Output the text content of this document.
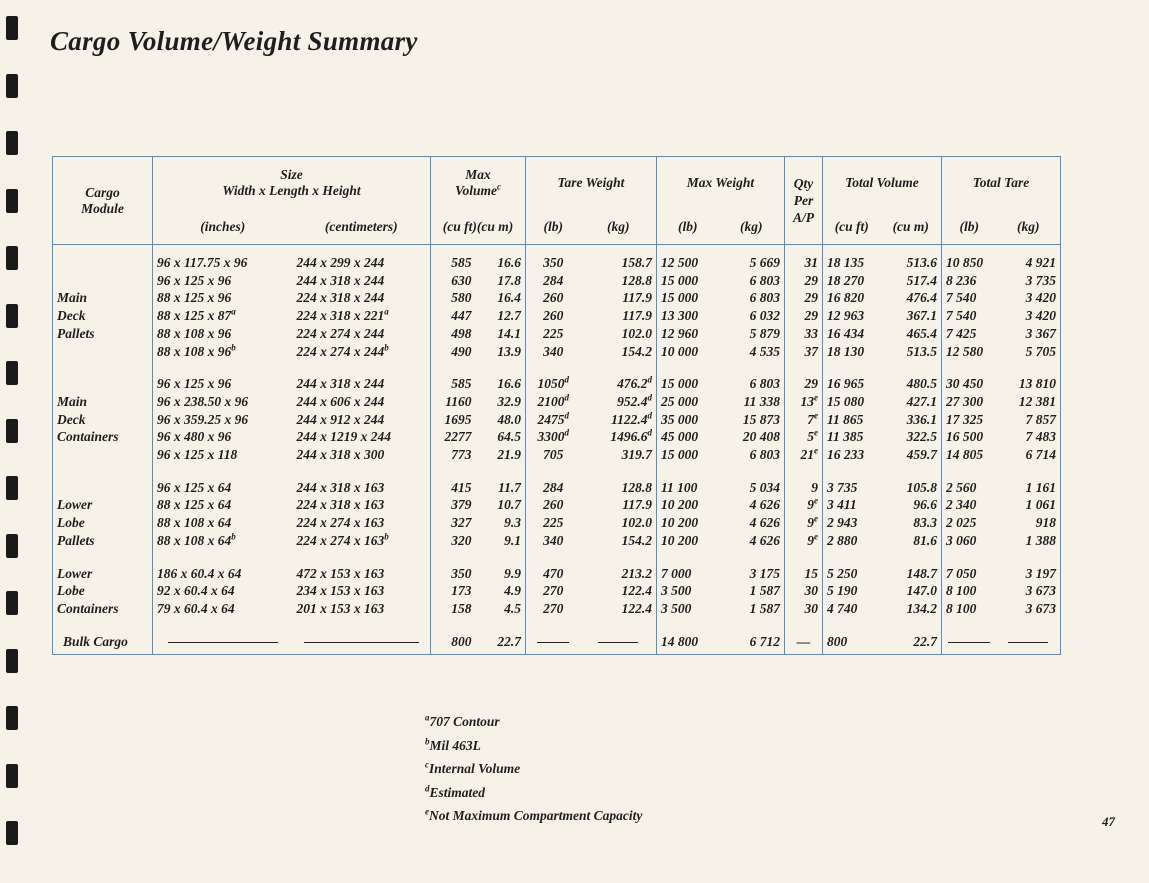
Cargo Volume/Weight Summary
Cargo
Module	Size
Width x Length x Height		Max
Volume$^c$		Tare Weight		Max Weight		Qty
Per
A/P	Total Volume		Total Tare	
	(inches)	(centimeters)	(cu ft)(cu m)		(lb)	(kg)	(lb)	(kg)		(cu ft)	(cu m)	(lb)	(kg)

	96 x 117.75 x 96	244 x 299 x 244	585	16.6	350	158.7	12 500	5 669	31	18 135	513.6	10 850	4 921
	96 x 125 x 96	244 x 318 x 244	630	17.8	284	128.8	15 000	6 803	29	18 270	517.4	8 236	3 735
Main	88 x 125 x 96	224 x 318 x 244	580	16.4	260	117.9	15 000	6 803	29	16 820	476.4	7 540	3 420
Deck	88 x 125 x 87$^a$	224 x 318 x 221$^a$	447	12.7	260	117.9	13 300	6 032	29	12 963	367.1	7 540	3 420
Pallets	88 x 108 x 96	224 x 274 x 244	498	14.1	225	102.0	12 960	5 879	33	16 434	465.4	7 425	3 367
	88 x 108 x 96$^b$	224 x 274 x 244$^b$	490	13.9	340	154.2	10 000	4 535	37	18 130	513.5	12 580	5 705

	96 x 125 x 96	244 x 318 x 244	585	16.6	1050$^d$	476.2$^d$	15 000	6 803	29	16 965	480.5	30 450	13 810
Main	96 x 238.50 x 96	244 x 606 x 244	1160	32.9	2100$^d$	952.4$^d$	25 000	11 338	13e	15 080	427.1	27 300	12 381
Deck	96 x 359.25 x 96	244 x 912 x 244	1695	48.0	2475$^d$	1122.4$^d$	35 000	15 873	7e	11 865	336.1	17 325	7 857
Containers	96 x 480 x 96	244 x 1219 x 244	2277	64.5	3300$^d$	1496.6$^d$	45 000	20 408	5e	11 385	322.5	16 500	7 483
	96 x 125 x 118	244 x 318 x 300	773	21.9	705	319.7	15 000	6 803	21e	16 233	459.7	14 805	6 714

	96 x 125 x 64	244 x 318 x 163	415	11.7	284	128.8	11 100	5 034	9	3 735	105.8	2 560	1 161
Lower	88 x 125 x 64	224 x 318 x 163	379	10.7	260	117.9	10 200	4 626	9e	3 411	96.6	2 340	1 061
Lobe	88 x 108 x 64	224 x 274 x 163	327	9.3	225	102.0	10 200	4 626	9e	2 943	83.3	2 025	918
Pallets	88 x 108 x 64$^b$	224 x 274 x 163$^b$	320	9.1	340	154.2	10 200	4 626	9e	2 880	81.6	3 060	1 388

Lower	186 x 60.4 x 64	472 x 153 x 163	350	9.9	470	213.2	7 000	3 175	15	5 250	148.7	7 050	3 197
Lobe	92 x 60.4 x 64	234 x 153 x 163	173	4.9	270	122.4	3 500	1 587	30	5 190	147.0	8 100	3 673
Containers	79 x 60.4 x 64	201 x 153 x 163	158	4.5	270	122.4	3 500	1 587	30	4 740	134.2	8 100	3 673

Bulk Cargo			800	22.7			14 800	6 712	—	800	22.7		

$^a$707 Contour
$^b$Mil 463L
$^c$Internal Volume
$^d$Estimated
$^e$Not Maximum Compartment Capacity	47
